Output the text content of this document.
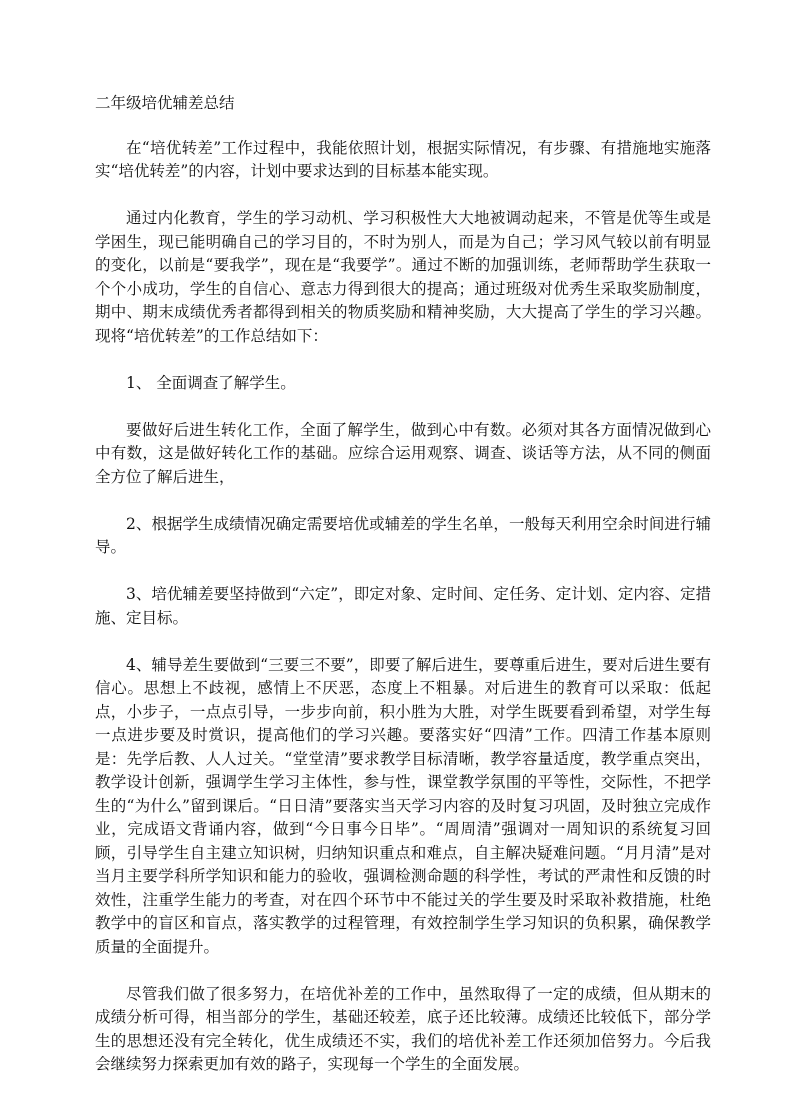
二年级培优辅差总结

在“培优转差”工作过程中，我能依照计划，根据实际情况，有步骤、有措施地实施落实“培优转差”的内容，计划中要求达到的目标基本能实现。

通过内化教育，学生的学习动机、学习积极性大大地被调动起来，不管是优等生或是学困生，现已能明确自己的学习目的，不时为别人，而是为自己；学习风气较以前有明显的变化，以前是“要我学”，现在是“我要学”。通过不断的加强训练，老师帮助学生获取一个个小成功，学生的自信心、意志力得到很大的提高；通过班级对优秀生采取奖励制度，期中、期末成绩优秀者都得到相关的物质奖励和精神奖励，大大提高了学生的学习兴趣。现将“培优转差”的工作总结如下：

1、 全面调查了解学生。

要做好后进生转化工作，全面了解学生，做到心中有数。必须对其各方面情况做到心中有数，这是做好转化工作的基础。应综合运用观察、调查、谈话等方法，从不同的侧面全方位了解后进生，

2、根据学生成绩情况确定需要培优或辅差的学生名单，一般每天利用空余时间进行辅导。

3、培优辅差要坚持做到“六定”，即定对象、定时间、定任务、定计划、定内容、定措施、定目标。

4、辅导差生要做到“三要三不要”，即要了解后进生，要尊重后进生，要对后进生要有信心。思想上不歧视，感情上不厌恶，态度上不粗暴。对后进生的教育可以采取：低起点，小步子，一点点引导，一步步向前，积小胜为大胜，对学生既要看到希望，对学生每一点进步要及时赏识，提高他们的学习兴趣。要落实好“四清”工作。四清工作基本原则是：先学后教、人人过关。“堂堂清”要求教学目标清晰，教学容量适度，教学重点突出，教学设计创新，强调学生学习主体性，参与性，课堂教学氛围的平等性，交际性，不把学生的“为什么”留到课后。“日日清”要落实当天学习内容的及时复习巩固，及时独立完成作业，完成语文背诵内容，做到“今日事今日毕”。“周周清”强调对一周知识的系统复习回顾，引导学生自主建立知识树，归纳知识重点和难点，自主解决疑难问题。“月月清”是对当月主要学科所学知识和能力的验收，强调检测命题的科学性，考试的严肃性和反馈的时效性，注重学生能力的考查，对在四个环节中不能过关的学生要及时采取补救措施，杜绝教学中的盲区和盲点，落实教学的过程管理，有效控制学生学习知识的负积累，确保教学质量的全面提升。

尽管我们做了很多努力，在培优补差的工作中，虽然取得了一定的成绩，但从期末的成绩分析可得，相当部分的学生，基础还较差，底子还比较薄。成绩还比较低下，部分学生的思想还没有完全转化，优生成绩还不实，我们的培优补差工作还须加倍努力。今后我会继续努力探索更加有效的路子，实现每一个学生的全面发展。
